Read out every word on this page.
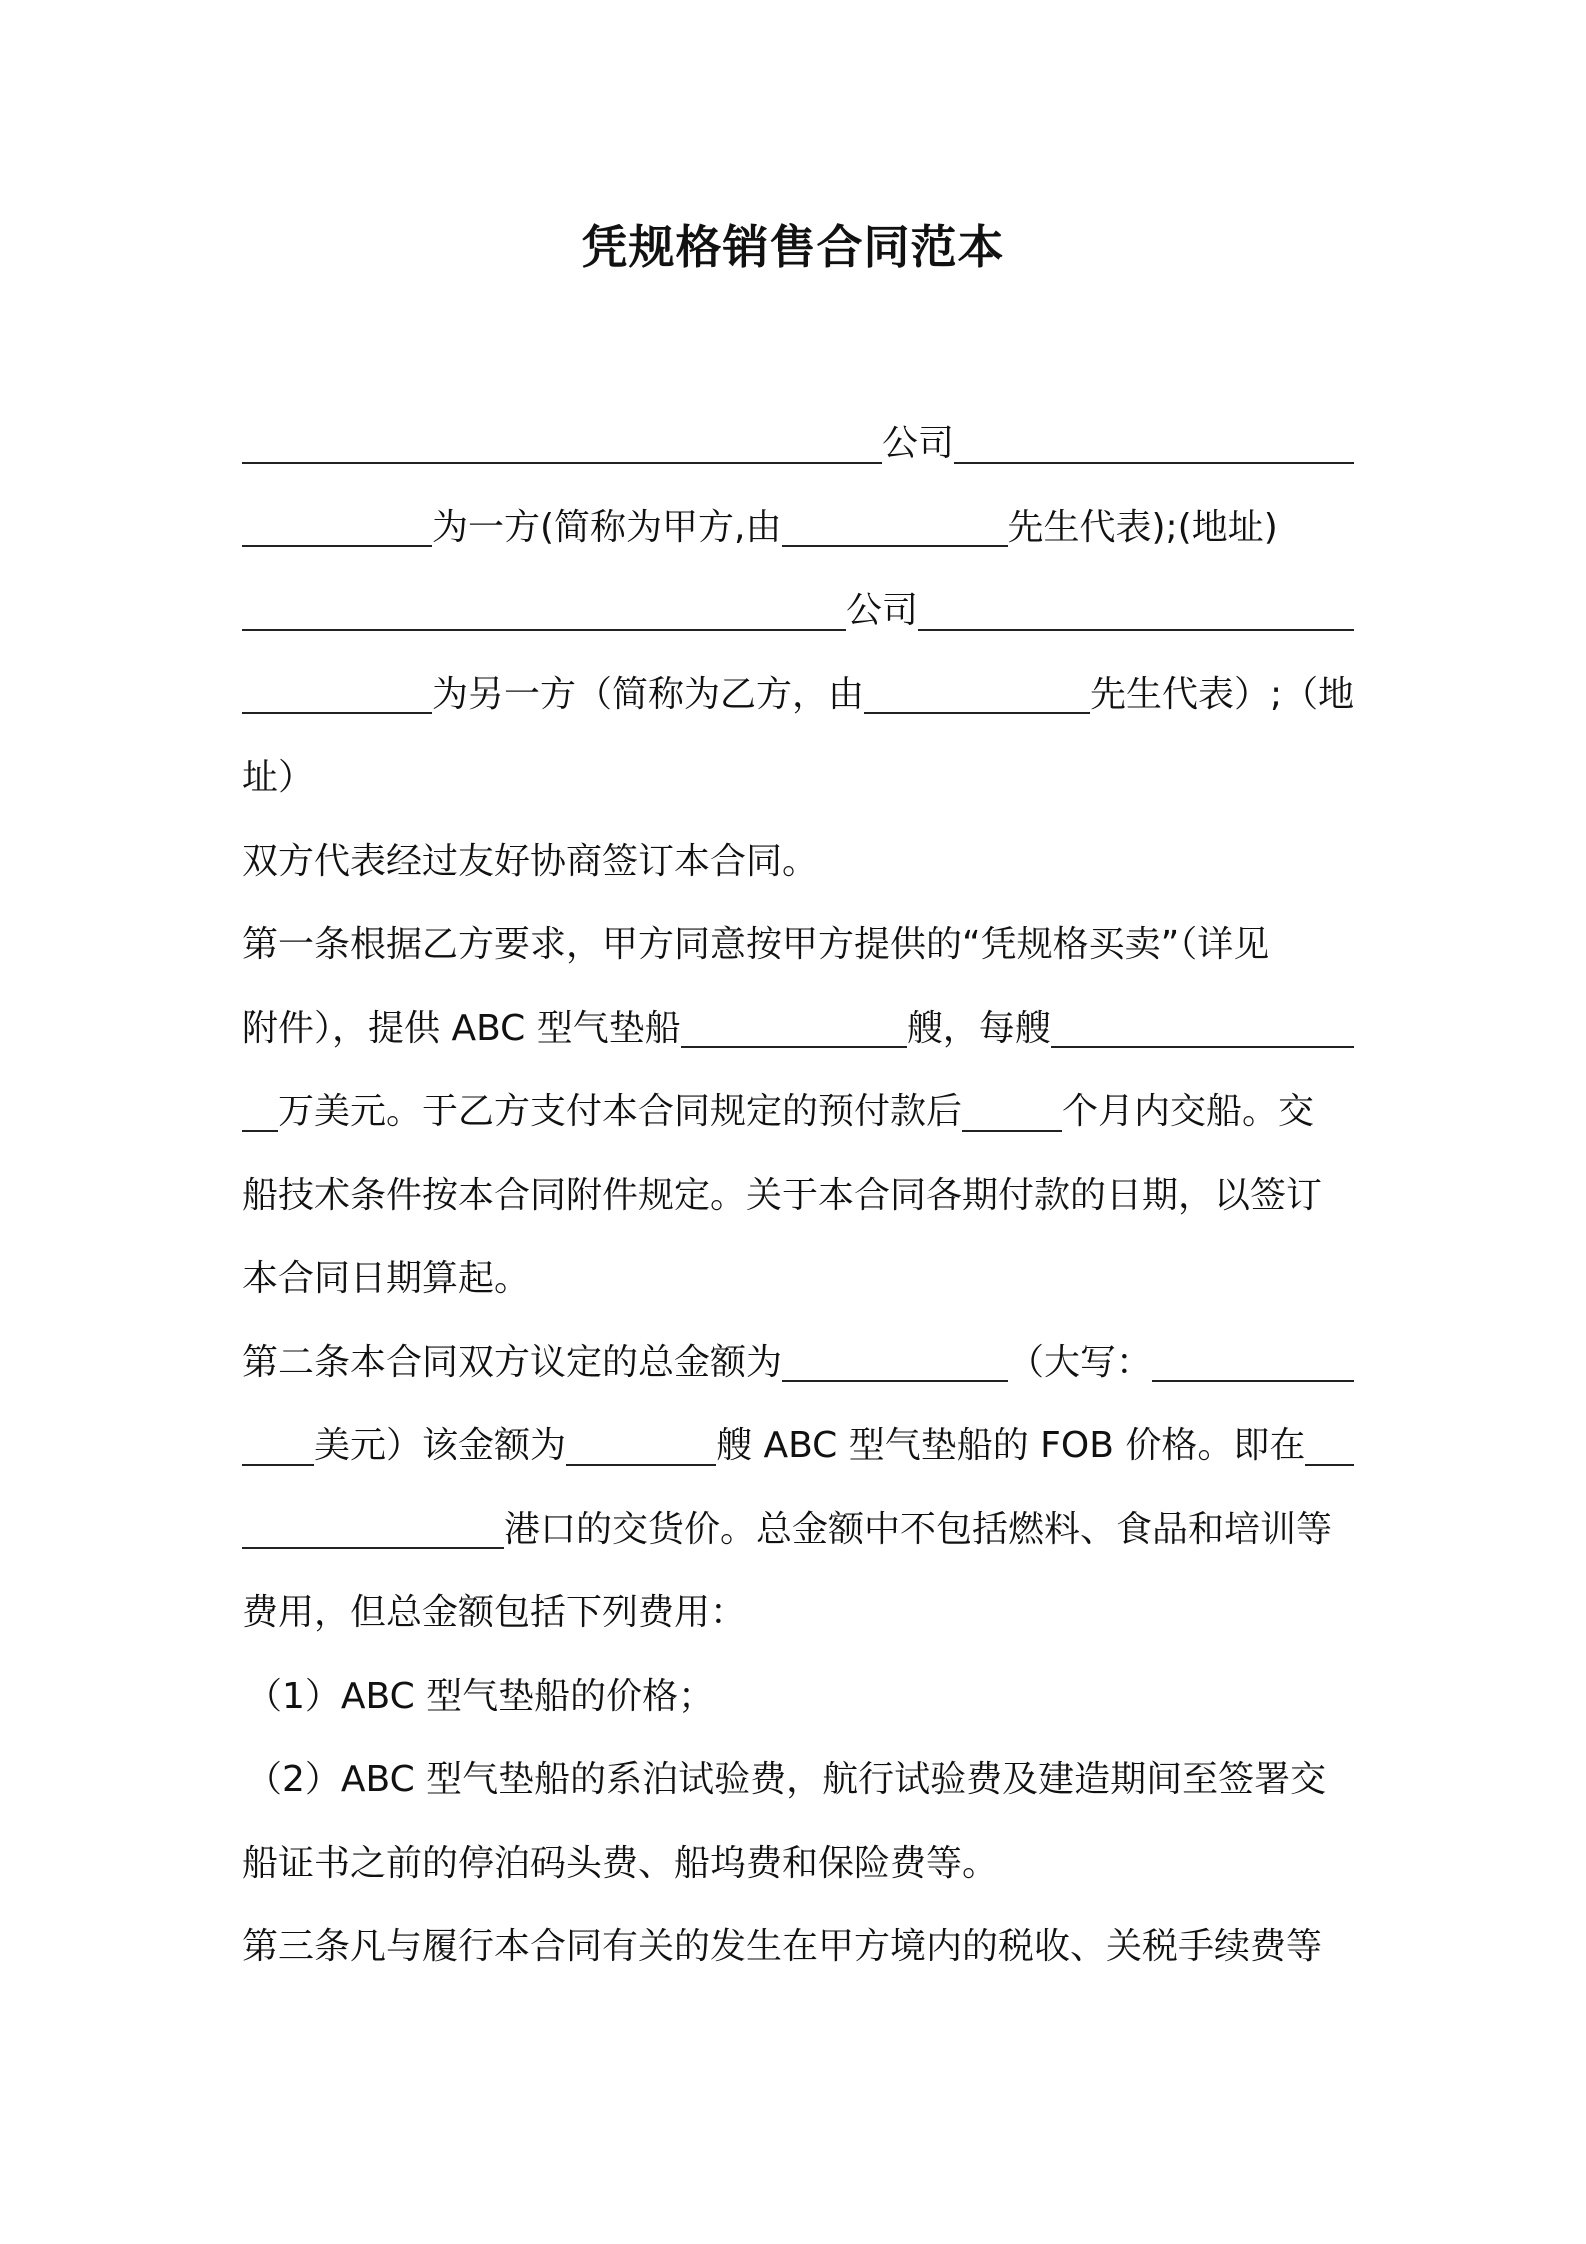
凭规格销售合同范本
公司
为一方(简称为甲方,由	先生代表);(地址)
公司
为另一方（简称为乙方，由	先生代表）;（地
址）
双方代表经过友好协商签订本合同。
第一条根据乙方要求，甲方同意按甲方提供的“凭规格买卖”（详见
附件），提供 ABC 型气垫船	艘，每艘
万美元。于乙方支付本合同规定的预付款后	个月内交船。交
船技术条件按本合同附件规定。关于本合同各期付款的日期，以签订
本合同日期算起。
第二条本合同双方议定的总金额为	（大写：
美元）该金额为	艘 ABC 型气垫船的 FOB 价格。即在
港口的交货价。总金额中不包括燃料、食品和培训等
费用，但总金额包括下列费用：
（1）ABC 型气垫船的价格；
（2）ABC 型气垫船的系泊试验费，航行试验费及建造期间至签署交
船证书之前的停泊码头费、船坞费和保险费等。
第三条凡与履行本合同有关的发生在甲方境内的税收、关税手续费等
